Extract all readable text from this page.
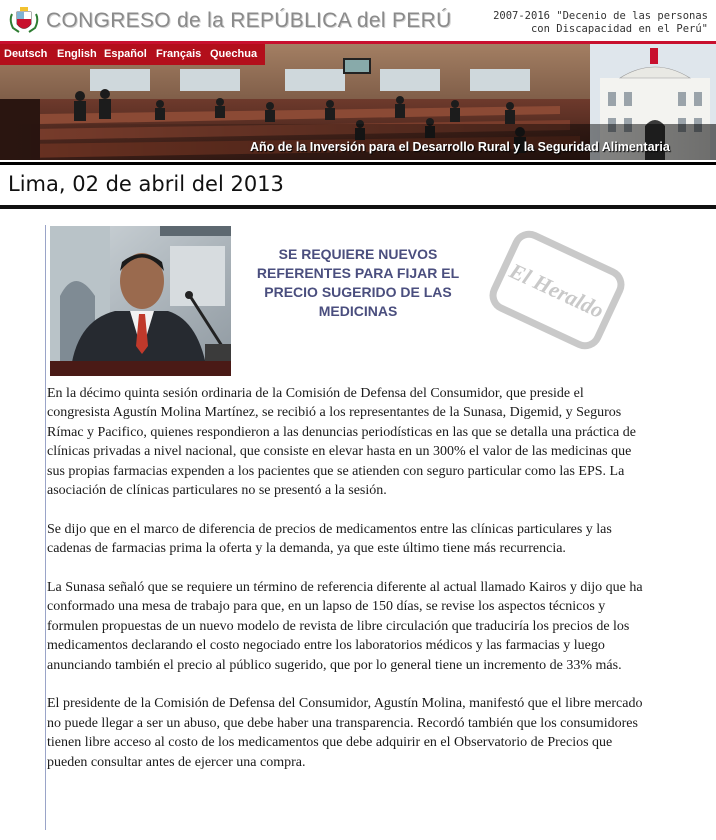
CONGRESO de la REPÚBLICA del PERÚ	2007-2016 "Decenio de las personas
con Discapacidad en el Perú"
Deutsch English Español Français Quechua
Año de la Inversión para el Desarrollo Rural y la Seguridad Alimentaria
Lima, 02 de abril del 2013
SE REQUIERE NUEVOS REFERENTES PARA FIJAR EL PRECIO SUGERIDO DE LAS MEDICINAS	El Heraldo

En la décimo quinta sesión ordinaria de la Comisión de Defensa del Consumidor, que preside el congresista Agustín Molina Martínez, se recibió a los representantes de la Sunasa, Digemid, y Seguros Rímac y Pacifico, quienes respondieron a las denuncias periodísticas en las que se detalla una práctica de clínicas privadas a nivel nacional, que consiste en elevar hasta en un 300% el valor de las medicinas que sus propias farmacias expenden a los pacientes que se atienden con seguro particular como las EPS. La asociación de clínicas particulares no se presentó a la sesión.

Se dijo que en el marco de diferencia de precios de medicamentos entre las clínicas particulares y las cadenas de farmacias prima la oferta y la demanda, ya que este último tiene más recurrencia.

La Sunasa señaló que se requiere un término de referencia diferente al actual llamado Kairos y dijo que ha conformado una mesa de trabajo para que, en un lapso de 150 días, se revise los aspectos técnicos y formulen propuestas de un nuevo modelo de revista de libre circulación que traduciría los precios de los medicamentos declarando el costo negociado entre los laboratorios médicos y las farmacias y luego anunciando también el precio al público sugerido, que por lo general tiene un incremento de 33% más.

El presidente de la Comisión de Defensa del Consumidor, Agustín Molina, manifestó que el libre mercado no puede llegar a ser un abuso, que debe haber una transparencia. Recordó también que los consumidores tienen libre acceso al costo de los medicamentos que debe adquirir en el Observatorio de Precios que pueden consultar antes de ejercer una compra.
